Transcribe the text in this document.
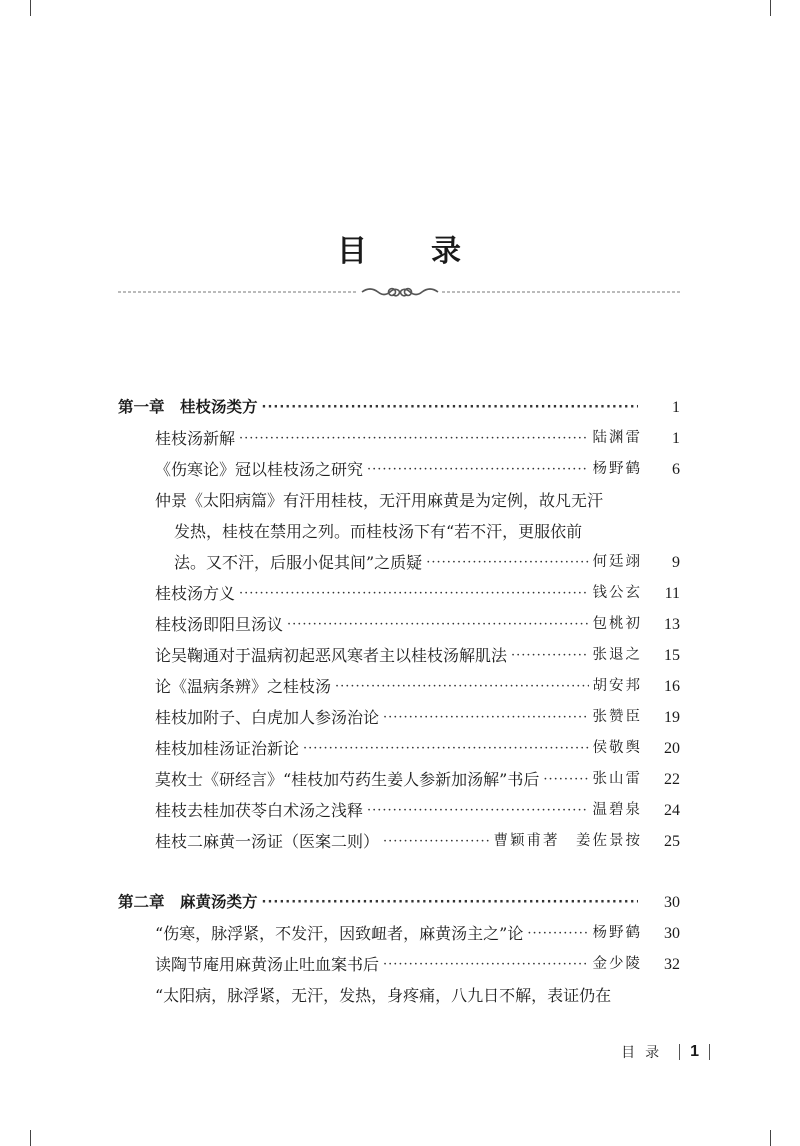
目 录
第一章　桂枝汤类方 ·····	1
桂枝汤新解 ·····	陆渊雷	1
《伤寒论》冠以桂枝汤之研究 ·····	杨野鹤	6
仲景《太阳病篇》有汗用桂枝，无汗用麻黄是为定例，故凡无汗
发热，桂枝在禁用之列。而桂枝汤下有“若不汗，更服依前
法。又不汗，后服小促其间”之质疑 ·····	何廷翊	9
桂枝汤方义 ·····	钱公玄	11
桂枝汤即阳旦汤议 ·····	包桃初	13
论吴鞠通对于温病初起恶风寒者主以桂枝汤解肌法 ·····	张退之	15
论《温病条辨》之桂枝汤 ·····	胡安邦	16
桂枝加附子、白虎加人参汤治论 ·····	张赞臣	19
桂枝加桂汤证治新论 ·····	侯敬舆	20
莫枚士《研经言》“桂枝加芍药生姜人参新加汤解”书后 ·····	张山雷	22
桂枝去桂加茯苓白术汤之浅释 ·····	温碧泉	24
桂枝二麻黄一汤证（医案二则） ·····	曹颖甫著　姜佐景按	25
第二章　麻黄汤类方 ·····	30
“伤寒，脉浮紧，不发汗，因致衄者，麻黄汤主之”论 ·····	杨野鹤	30
读陶节庵用麻黄汤止吐血案书后 ·····	金少陵	32
“太阳病，脉浮紧，无汗，发热，身疼痛，八九日不解，表证仍在
目录 1
